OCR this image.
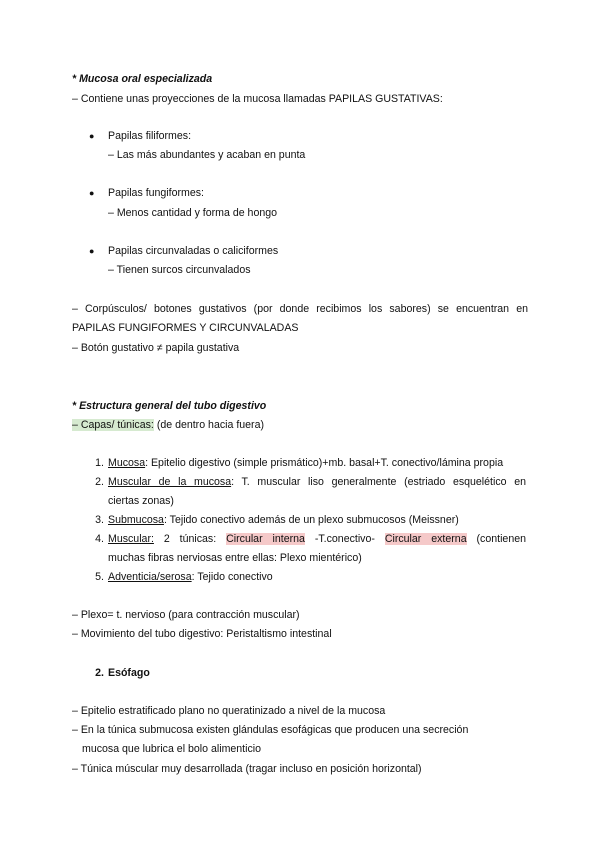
* Mucosa oral especializada
– Contiene unas proyecciones de la mucosa llamadas PAPILAS GUSTATIVAS:
● Papilas filiformes:
– Las más abundantes y acaban en punta
● Papilas fungiformes:
– Menos cantidad y forma de hongo
● Papilas circunvaladas o caliciformes
– Tienen surcos circunvalados
– Corpúsculos/ botones gustativos (por donde recibimos los sabores) se encuentran en
PAPILAS FUNGIFORMES Y CIRCUNVALADAS
– Botón gustativo ≠ papila gustativa
* Estructura general del tubo digestivo
– Capas/ túnicas: (de dentro hacia fuera)
1. Mucosa: Epitelio digestivo (simple prismático)+mb. basal+T. conectivo/lámina propia
2. Muscular de la mucosa: T. muscular liso generalmente (estriado esquelético en
ciertas zonas)
3. Submucosa: Tejido conectivo además de un plexo submucosos (Meissner)
4. Muscular: 2 túnicas: Circular interna -T.conectivo- Circular externa (contienen
muchas fibras nerviosas entre ellas: Plexo mientérico)
5. Adventicia/serosa: Tejido conectivo
– Plexo= t. nervioso (para contracción muscular)
– Movimiento del tubo digestivo: Peristaltismo intestinal
2. Esófago
– Epitelio estratificado plano no queratinizado a nivel de la mucosa
– En la túnica submucosa existen glándulas esofágicas que producen una secreción
mucosa que lubrica el bolo alimenticio
– Túnica múscular muy desarrollada (tragar incluso en posición horizontal)
